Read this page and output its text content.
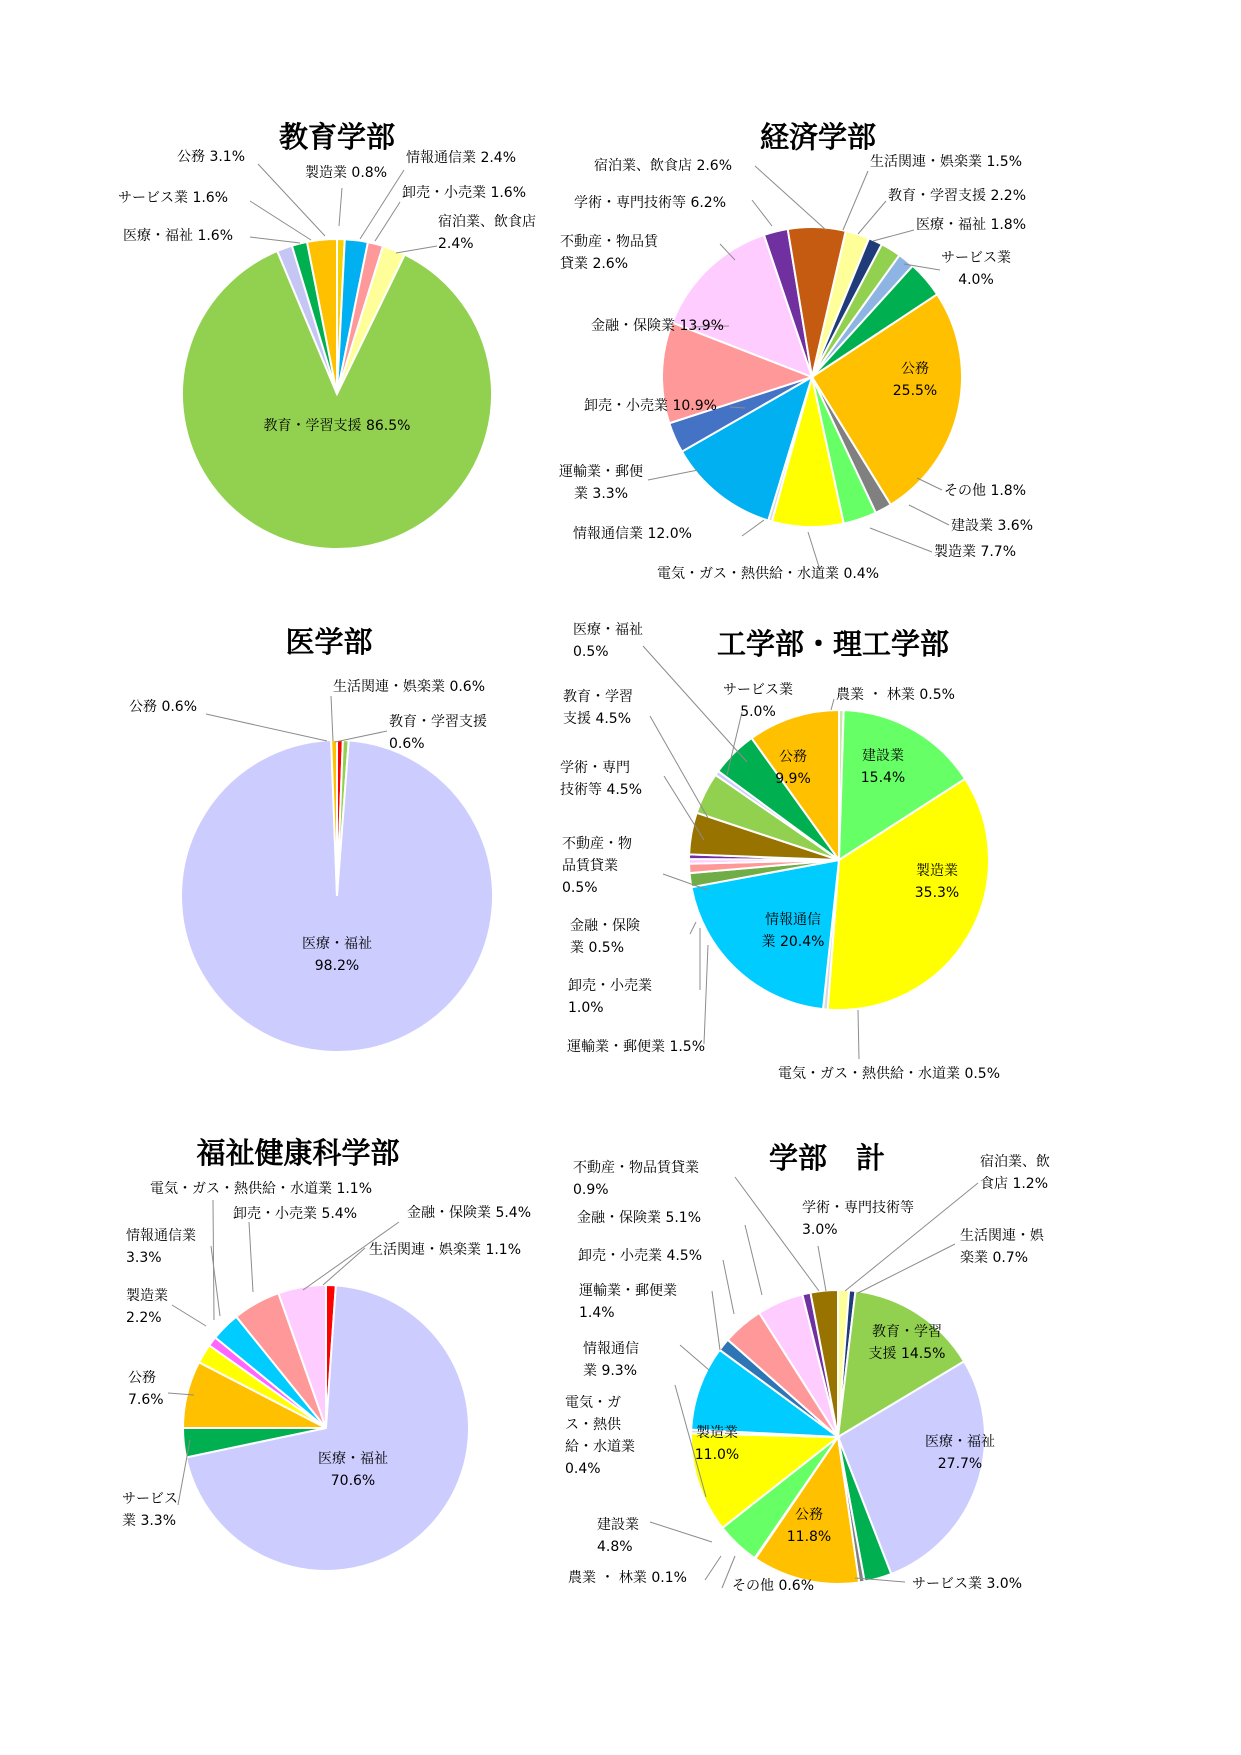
教育学部
製造業 0.8%
情報通信業 2.4%
卸売・小売業 1.6%
宿泊業、飲食店 2.4%
教育・学習支援 86.5%
医療・福祉 1.6%
サービス業 1.6%
公務 3.1%
経済学部
宿泊業、飲食店 2.6%	生活関連・娯楽業 1.5%
教育・学習支援 2.2%
医療・福祉 1.8%
サービス業 4.0%
公務 25.5%
その他 1.8%
建設業 3.6%
製造業 7.7%
電気・ガス・熱供給・水道業 0.4%
情報通信業 12.0%
運輸業・郵便業 3.3%
卸売・小売業 10.9%
金融・保険業 13.9%
不動産・物品賃貸業 2.6%
学術・専門技術等 6.2%
医学部
生活関連・娯楽業 0.6%
教育・学習支援 0.6%
医療・福祉 98.2%
公務 0.6%
工学部・理工学部
農業 ・ 林業 0.5%
建設業 15.4%
製造業 35.3%
電気・ガス・熱供給・水道業 0.5%
情報通信業 20.4%
運輸業・郵便業 1.5%
卸売・小売業 1.0%
金融・保険業 0.5%
不動産・物品賃貸業 0.5%
学術・専門技術等 4.5%
教育・学習支援 4.5%
医療・福祉 0.5%
サービス業 5.0%
公務 9.9%
福祉健康科学部
生活関連・娯楽業 1.1%
医療・福祉 70.6%
サービス業 3.3%
公務 7.6%
製造業 2.2%
電気・ガス・熱供給・水道業 1.1%
情報通信業 3.3%
卸売・小売業 5.4%	金融・保険業 5.4%
学部　計	宿泊業、飲食店 1.2%
生活関連・娯楽業 0.7%
教育・学習支援 14.5%
医療・福祉 27.7%
サービス業 3.0%
その他 0.6%
公務 11.8%
農業 ・ 林業 0.1%
建設業 4.8%
製造業 11.0%
電気・ガス・熱供給・水道業 0.4%
情報通信業 9.3%
運輸業・郵便業 1.4%
卸売・小売業 4.5%
金融・保険業 5.1%
不動産・物品賃貸業 0.9%
学術・専門技術等 3.0%
